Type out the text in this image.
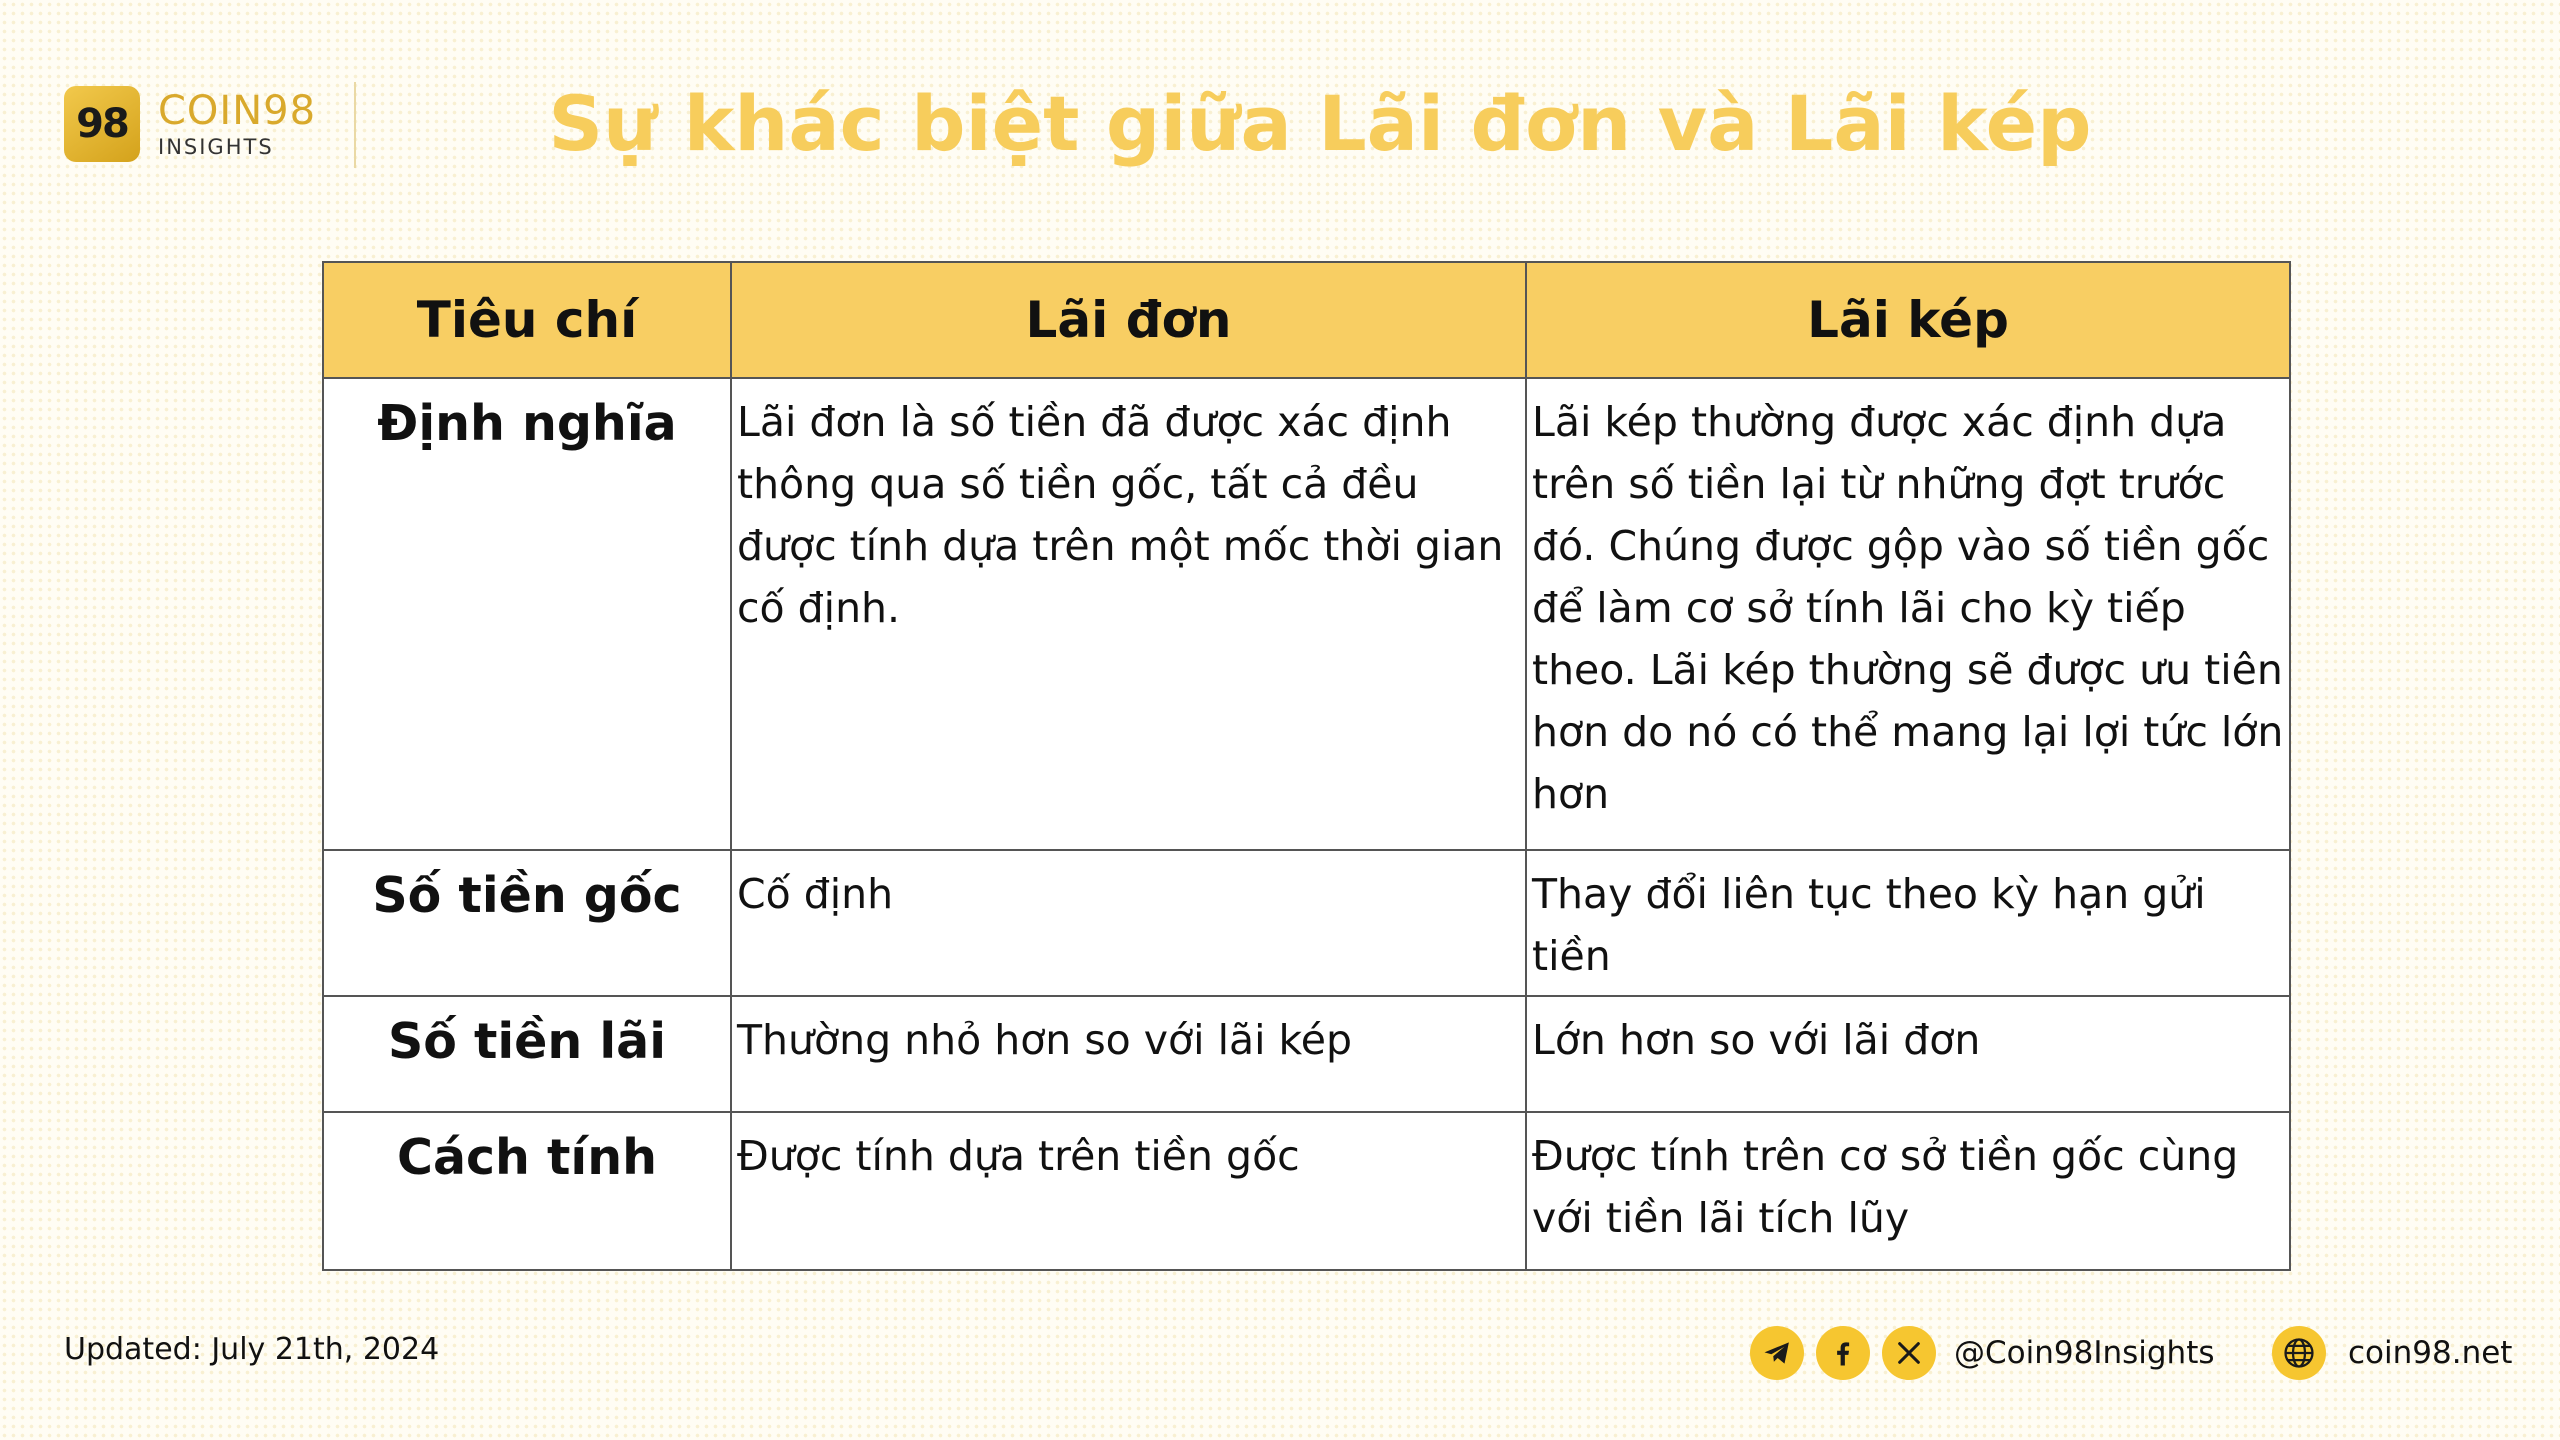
98 COIN98
INSIGHTS	Sự khác biệt giữa Lãi đơn và Lãi kép
Tiêu chí	Lãi đơn	Lãi kép
Định nghĩa	Lãi đơn là số tiền đã được xác định thông qua số tiền gốc, tất cả đều được tính dựa trên một mốc thời gian cố định.	Lãi kép thường được xác định dựa trên số tiền lại từ những đợt trước đó. Chúng được gộp vào số tiền gốc để làm cơ sở tính lãi cho kỳ tiếp theo. Lãi kép thường sẽ được ưu tiên hơn do nó có thể mang lại lợi tức lớn hơn
Số tiền gốc	Cố định	Thay đổi liên tục theo kỳ hạn gửi tiền
Số tiền lãi	Thường nhỏ hơn so với lãi kép	Lớn hơn so với lãi đơn
Cách tính	Được tính dựa trên tiền gốc	Được tính trên cơ sở tiền gốc cùng với tiền lãi tích lũy
Updated: July 21th, 2024	@Coin98Insights	coin98.net
